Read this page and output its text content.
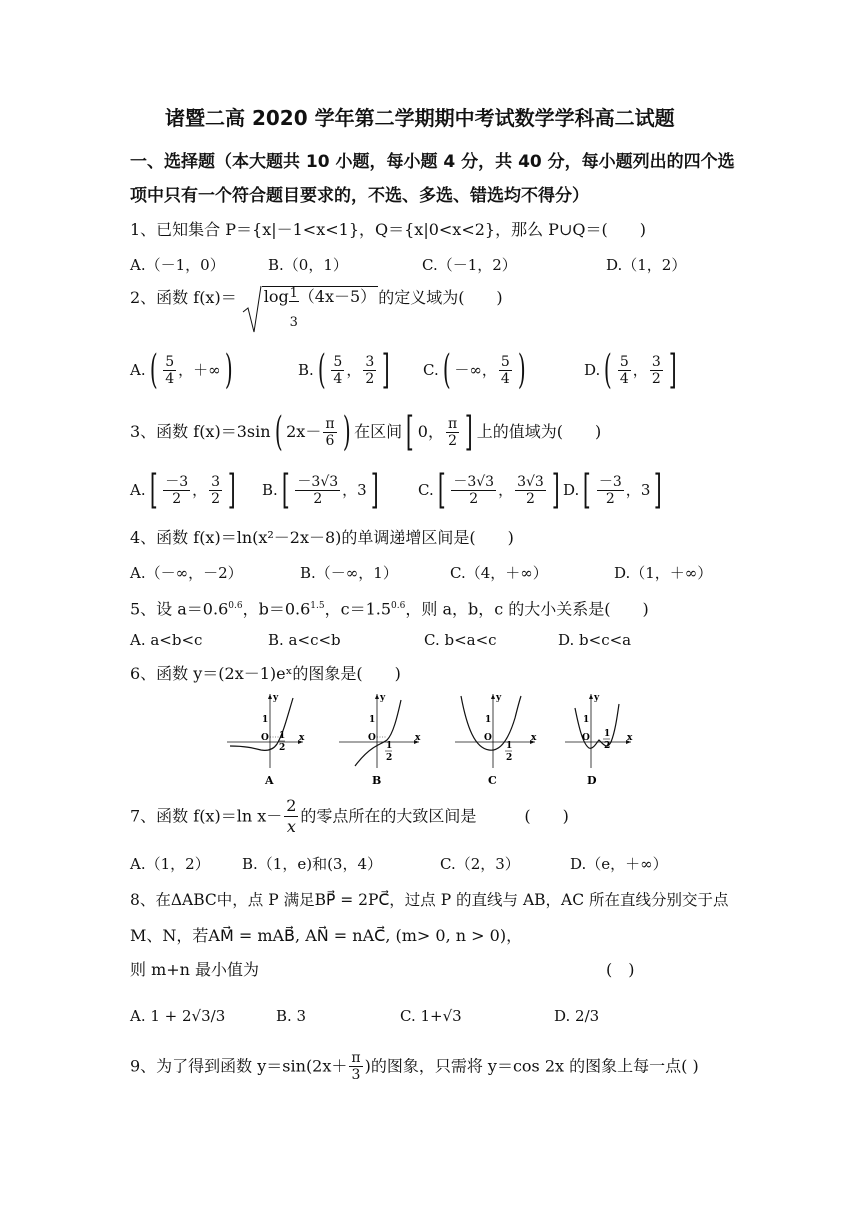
诸暨二高 2020 学年第二学期期中考试数学学科高二试题
一、选择题（本大题共 10 小题，每小题 4 分，共 40 分，每小题列出的四个选
项中只有一个符合题目要求的，不选、多选、错选均不得分）
1、已知集合 P＝{x|－1<x<1}，Q＝{x|0<x<2}，那么 P∪Q＝(　　)
A.（－1，0）	B.（0，1）	C.（－1，2）	D.（1，2）
2、函数 $f(x)= \log \frac{1}{3} (4x-5)$ 的定义域为(　　)
A. ( $\frac{5}{4}$ ， ＋∞ )	B. ( $\frac{5}{4}$ ， $\frac{3}{2}$ ] C. ( －∞ ， $\frac{5}{4}$ )	D. ( $\frac{5}{4}$ ， $\frac{3}{2}$ ]
3、函数 f(x)＝3sin ( $2x- \frac{\pi}{6}$ ) 在区间 [ 0， $\frac{\pi}{2}$ ] 上的值域为(　　)
A. [ $\frac{-3}{2}$ ， $\frac{3}{2}$ ] B. [ $\frac{-3√3}{2}$ ， 3 ]	C. [ $\frac{-3√3}{2}$ ， $\frac{3√3}{2}$ ] D. [ $\frac{-3}{2}$ ， 3 ]
4、函数 f(x)＝ln(x²－2x－8)的单调递增区间是(　　)
A.（－∞，－2）	B.（－∞，1）	C.（4，＋∞）	D.（1，＋∞）
5、设 $a=0.6^{0.6}$，$b=0.6^{1.5}$，$c=1.5^{0.6}$，则 a，b，c 的大小关系是(　　)
A. a<b<c	B. a<c<b	C. b<a<c	D. b<c<a
6、函数 y＝(2x－1)eˣ的图象是(　　)
y
x
O
1
1
2
A
y
x
O
1
1
2
B
y
x
O
1
1
2
C
y
x
O
1
1
2
D
7、函数 f(x)＝ln $x- \frac{2}{x}$ 的零点所在的大致区间是　　　(　　)
A.（1，2） B.（1，e)和(3，4）	C.（2，3）	D.（e，＋∞）
8、在ΔABC中，点 P 满足BP⃗ = 2PC⃗，过点 P 的直线与 AB，AC 所在直线分别交于点
M、N，若AM⃗ = mAB⃗, AN⃗ = nAC⃗, (m> 0, n > 0)，
则 m+n 最小值为	(　)
A. 1 + 2√3/3	B. 3	C. 1+√3	D. 2/3
9、为了得到函数 $y=\sin(2x+ \frac{\pi}{3}$ )的图象，只需将 y＝cos 2x 的图象上每一点( )
